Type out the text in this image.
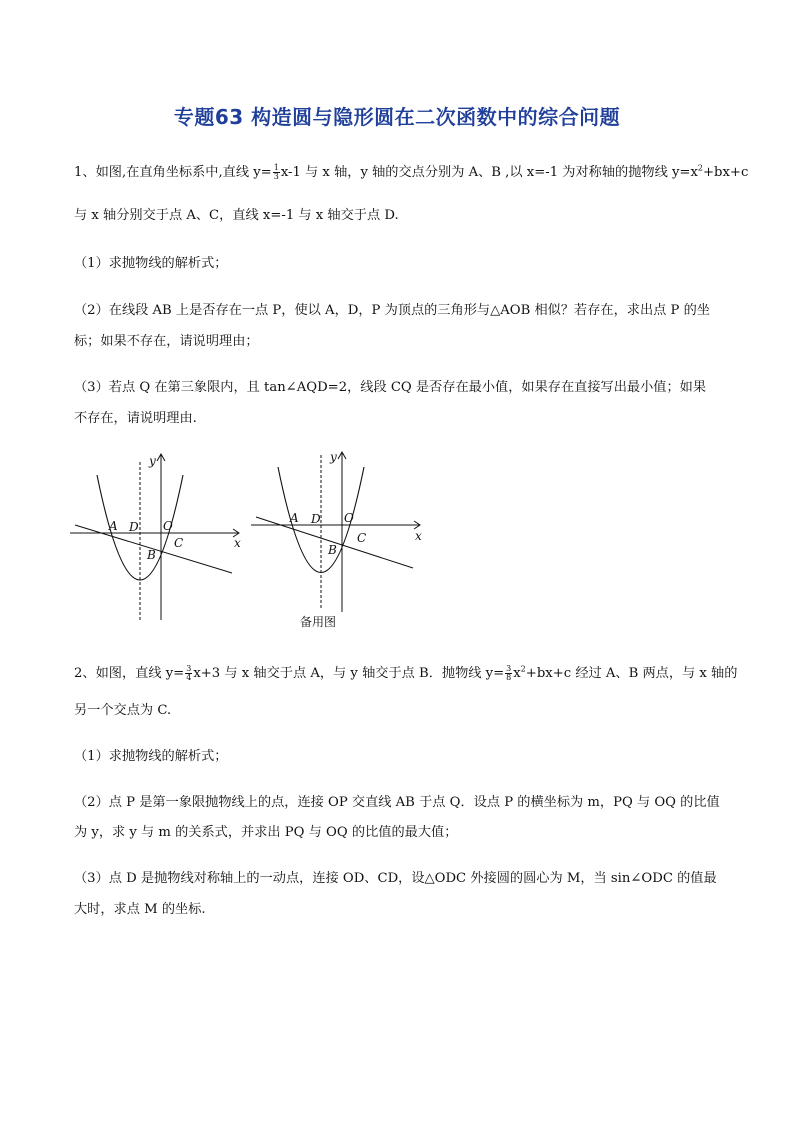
专题63 构造圆与隐形圆在二次函数中的综合问题
1、如图,在直角坐标系中,直线 $y= \frac{1}{3} x-1$ 与 x 轴，y 轴的交点分别为 A、B ,以 x=-1 为对称轴的抛物线 $y=x^2+bx+c$
与 x 轴分别交于点 A、C，直线 x=-1 与 x 轴交于点 D.
（1）求抛物线的解析式；
（2）在线段 AB 上是否存在一点 P，使以 A，D，P 为顶点的三角形与△AOB 相似？若存在，求出点 P 的坐
标；如果不存在，请说明理由；
（3）若点 Q 在第三象限内，且 tan∠AQD=2，线段 CQ 是否存在最小值，如果存在直接写出最小值；如果
不存在，请说明理由.
y
x
A D O
B
C
y
x
A D O
B
C
备用图
2、如图，直线 $y= \frac{3}{4} x+3$ 与 x 轴交于点 A，与 y 轴交于点 B．抛物线 $y= \frac{3}{8} x^2+bx+c$ 经过 A、B 两点，与 x 轴的
另一个交点为 C.
（1）求抛物线的解析式；
（2）点 P 是第一象限抛物线上的点，连接 OP 交直线 AB 于点 Q．设点 P 的横坐标为 m，PQ 与 OQ 的比值
为 y，求 y 与 m 的关系式，并求出 PQ 与 OQ 的比值的最大值；
（3）点 D 是抛物线对称轴上的一动点，连接 OD、CD，设△ODC 外接圆的圆心为 M，当 sin∠ODC 的值最
大时，求点 M 的坐标.
